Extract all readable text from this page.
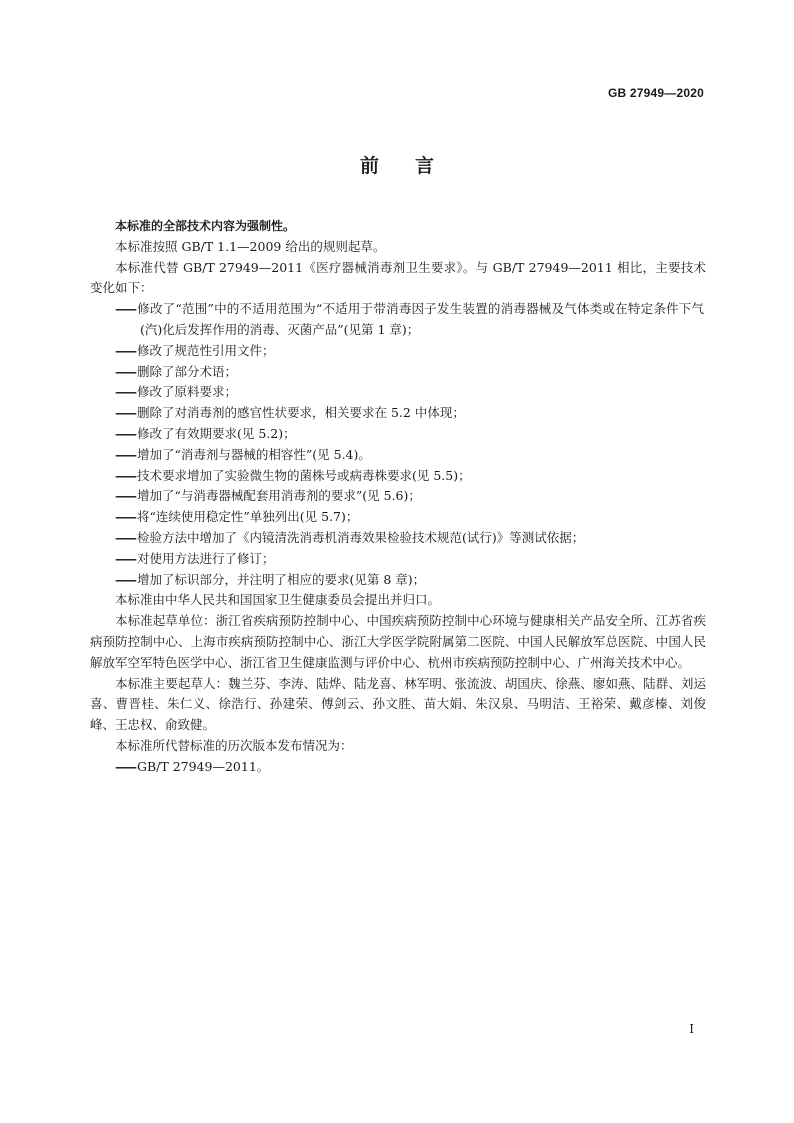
GB 27949—2020
前言

本标准的全部技术内容为强制性。

本标准按照 GB/T 1.1—2009 给出的规则起草。

本标准代替 GB/T 27949—2011《医疗器械消毒剂卫生要求》。与 GB/T 27949—2011 相比，主要技术变化如下：

—— 修改了“范围”中的不适用范围为“不适用于带消毒因子发生装置的消毒器械及气体类或在特定条件下气(汽)化后发挥作用的消毒、灭菌产品”(见第 1 章)；

—— 修改了规范性引用文件；

—— 删除了部分术语；

—— 修改了原料要求；

—— 删除了对消毒剂的感官性状要求，相关要求在 5.2 中体现；

—— 修改了有效期要求(见 5.2)；

—— 增加了“消毒剂与器械的相容性”(见 5.4)。

—— 技术要求增加了实验微生物的菌株号或病毒株要求(见 5.5)；

—— 增加了“与消毒器械配套用消毒剂的要求”(见 5.6)；

—— 将“连续使用稳定性”单独列出(见 5.7)；

—— 检验方法中增加了《内镜清洗消毒机消毒效果检验技术规范(试行)》等测试依据；

—— 对使用方法进行了修订；

—— 增加了标识部分，并注明了相应的要求(见第 8 章)；

本标准由中华人民共和国国家卫生健康委员会提出并归口。

本标准起草单位：浙江省疾病预防控制中心、中国疾病预防控制中心环境与健康相关产品安全所、江苏省疾病预防控制中心、上海市疾病预防控制中心、浙江大学医学院附属第二医院、中国人民解放军总医院、中国人民解放军空军特色医学中心、浙江省卫生健康监测与评价中心、杭州市疾病预防控制中心、广州海关技术中心。

本标准主要起草人：魏兰芬、李涛、陆烨、陆龙喜、林军明、张流波、胡国庆、徐燕、廖如燕、陆群、刘运喜、曹晋桂、朱仁义、徐浩行、孙建荣、傅剑云、孙文胜、苗大娟、朱汉泉、马明洁、王裕荣、戴彦榛、刘俊峰、王忠权、俞致健。

本标准所代替标准的历次版本发布情况为：

—— GB/T 27949—2011。

I
